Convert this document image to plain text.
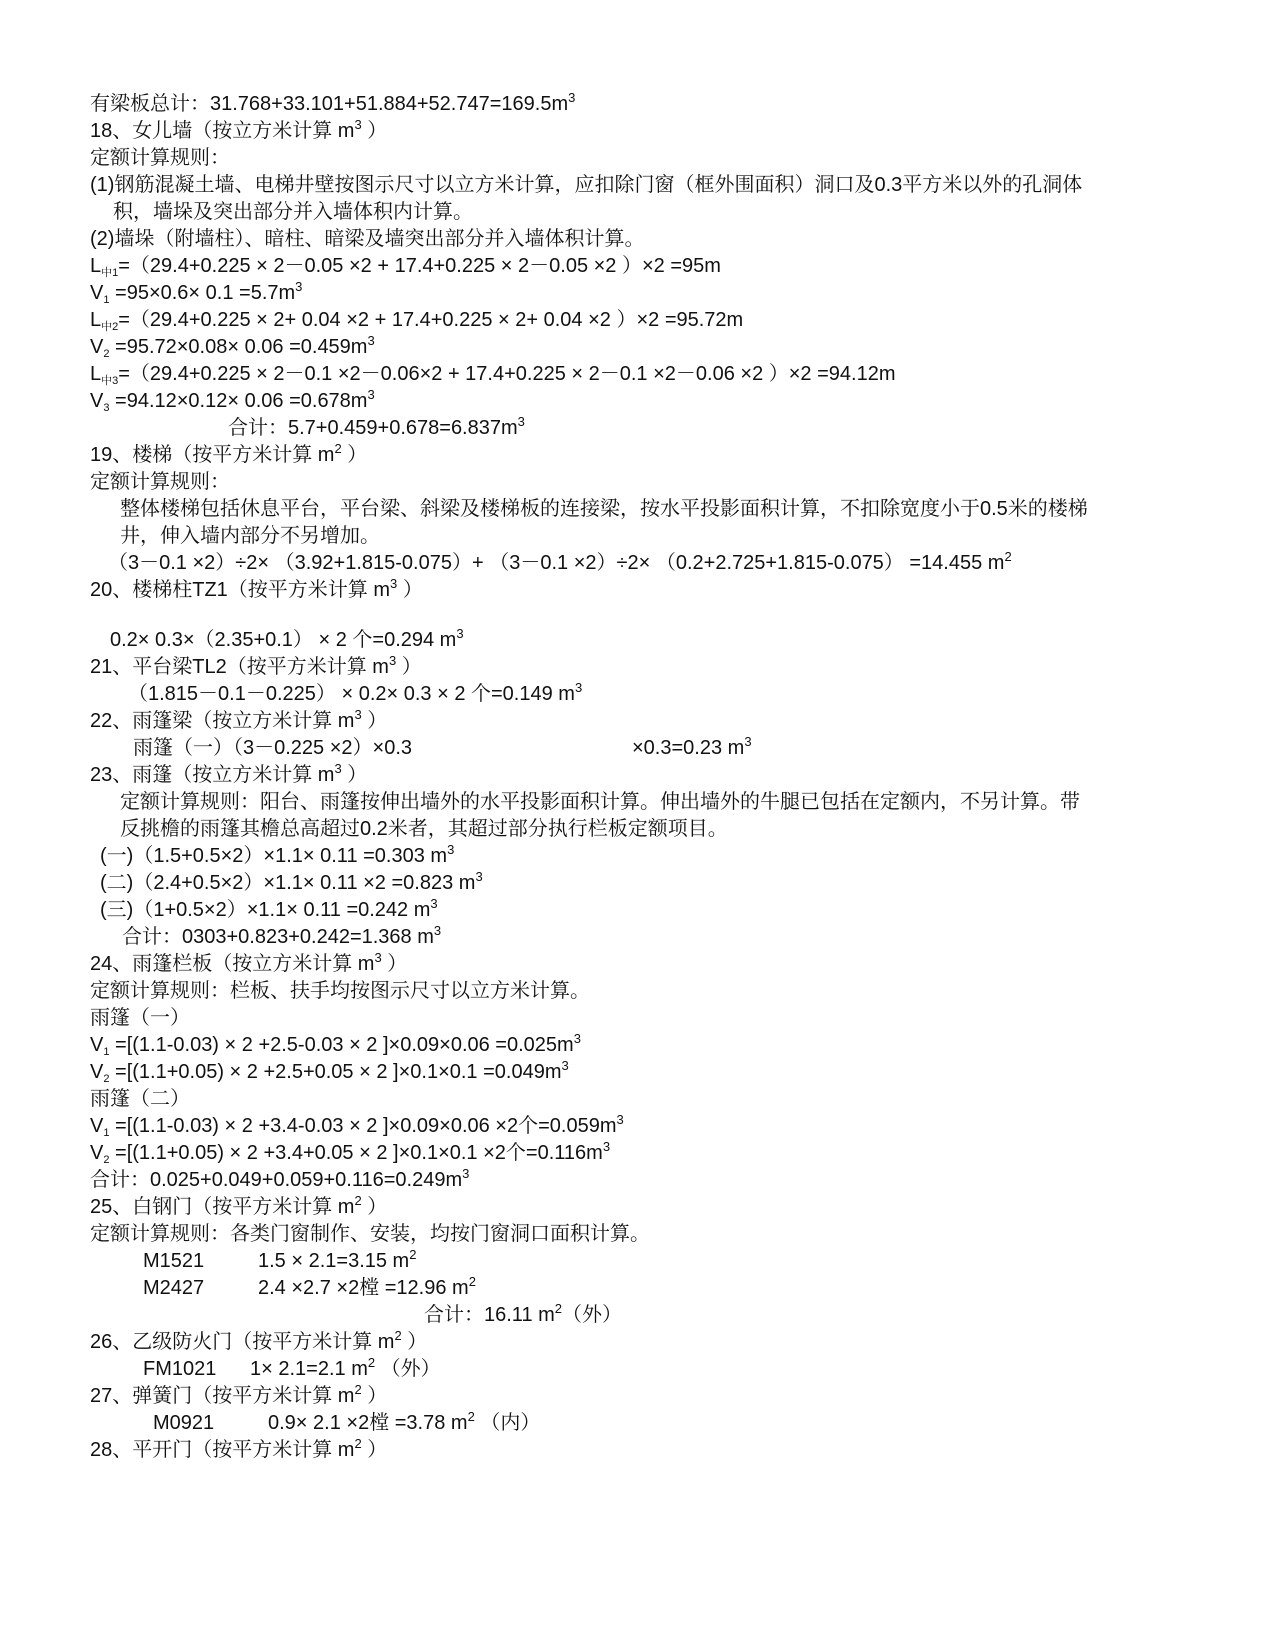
有梁板总计：$31.768+33.101+51.884+52.747=169.5m^3$
18、女儿墙（按立方米计算 $m^3$ ）
定额计算规则：
(1)钢筋混凝土墙、电梯井壁按图示尺寸以立方米计算，应扣除门窗（框外围面积）洞口及0.3平方米以外的孔洞体
积，墙垛及突出部分并入墙体积内计算。
(2)墙垛（附墙柱）、暗柱、暗梁及墙突出部分并入墙体积计算。
$L_{中1}=(29.4+0.225 \times 2-0.05 \times 2 + 17.4+0.225 \times 2-0.05 \times 2$ ）×2 =95m
$V_1 =95\times 0.6\times 0.1 =5.7m^3$
$L_{中2}=(29.4+0.225 \times 2+ 0.04 \times 2 + 17.4+0.225 \times 2+ 0.04 \times 2$ ）×2 =95.72m
$V_2 =95.72\times 0.08\times 0.06 =0.459m^3$
$L_{中3}=(29.4+0.225 \times 2-0.1 \times 2-0.06\times 2 + 17.4+0.225 \times 2-0.1 \times 2-0.06 \times 2$ ）×2 =94.12m
$V_3 =94.12\times 0.12\times 0.06 =0.678m^3$
合计：$5.7+0.459+0.678=6.837m^3$
19、楼梯（按平方米计算 $m^2$ ）
定额计算规则：
整体楼梯包括休息平台，平台梁、斜梁及楼梯板的连接梁，按水平投影面积计算，不扣除宽度小于0.5米的楼梯
井，伸入墙内部分不另增加。
（3－0.1 ×2）÷2× （3.92+1.815-0.075）+ （3－0.1 ×2）÷2× （0.2+2.725+1.815-0.075） =14.455 $m^2$
20、楼梯柱TZ1（按平方米计算 $m^3$ ）
0.2× 0.3×（2.35+0.1） × 2 个=0.294 $m^3$
21、平台梁TL2（按平方米计算 $m^3$ ）
（1.815－0.1－0.225） × 0.2× 0.3 × 2 个=0.149 $m^3$
22、雨篷梁（按立方米计算 $m^3$ ）
雨篷（一）（3－0.225 ×2）×0.3	×0.3=0.23 $m^3$
23、雨篷（按立方米计算 $m^3$ ）
定额计算规则：阳台、雨篷按伸出墙外的水平投影面积计算。伸出墙外的牛腿已包括在定额内，不另计算。带
反挑檐的雨篷其檐总高超过0.2米者，其超过部分执行栏板定额项目。
(一)（1.5+0.5×2）×1.1× 0.11 =0.303 $m^3$
(二)（2.4+0.5×2）×1.1× 0.11 ×2 =0.823 $m^3$
(三)（1+0.5×2）×1.1× 0.11 =0.242 $m^3$
合计：0303+0.823+0.242=1.368 $m^3$
24、雨篷栏板（按立方米计算 $m^3$ ）
定额计算规则：栏板、扶手均按图示尺寸以立方米计算。
雨篷（一）
$V_1 =[(1.1-0.03) \times 2 +2.5-0.03 \times 2$ ]$\times 0.09\times 0.06 =0.025m^3$
$V_2 =[(1.1+0.05) \times 2 +2.5+0.05 \times 2$ ]$\times 0.1\times 0.1 =0.049m^3$
雨篷（二）
$V_1 =[(1.1-0.03) \times 2 +3.4-0.03 \times 2$ ]×0.09×0.06 ×2个$=0.059m^3$
$V_2 =[(1.1+0.05) \times 2 +3.4+0.05 \times 2$ ]×0.1×0.1 ×2个$=0.116m^3$
合计：$0.025+0.049+0.059+0.116=0.249m^3$
25、白钢门（按平方米计算 $m^2$ ）
定额计算规则：各类门窗制作、安装，均按门窗洞口面积计算。
M1521	1.5 × 2.1=3.15 $m^2$
M2427	2.4 ×2.7 ×2樘 =12.96 $m^2$
合计：16.11 $m^2$（外）
26、乙级防火门（按平方米计算 $m^2$ ）
FM1021 1× 2.1=2.1 $m^2$ （外）
27、弹簧门（按平方米计算 $m^2$ ）
M0921	0.9× 2.1 ×2樘 =3.78 $m^2$ （内）
28、平开门（按平方米计算 $m^2$ ）
